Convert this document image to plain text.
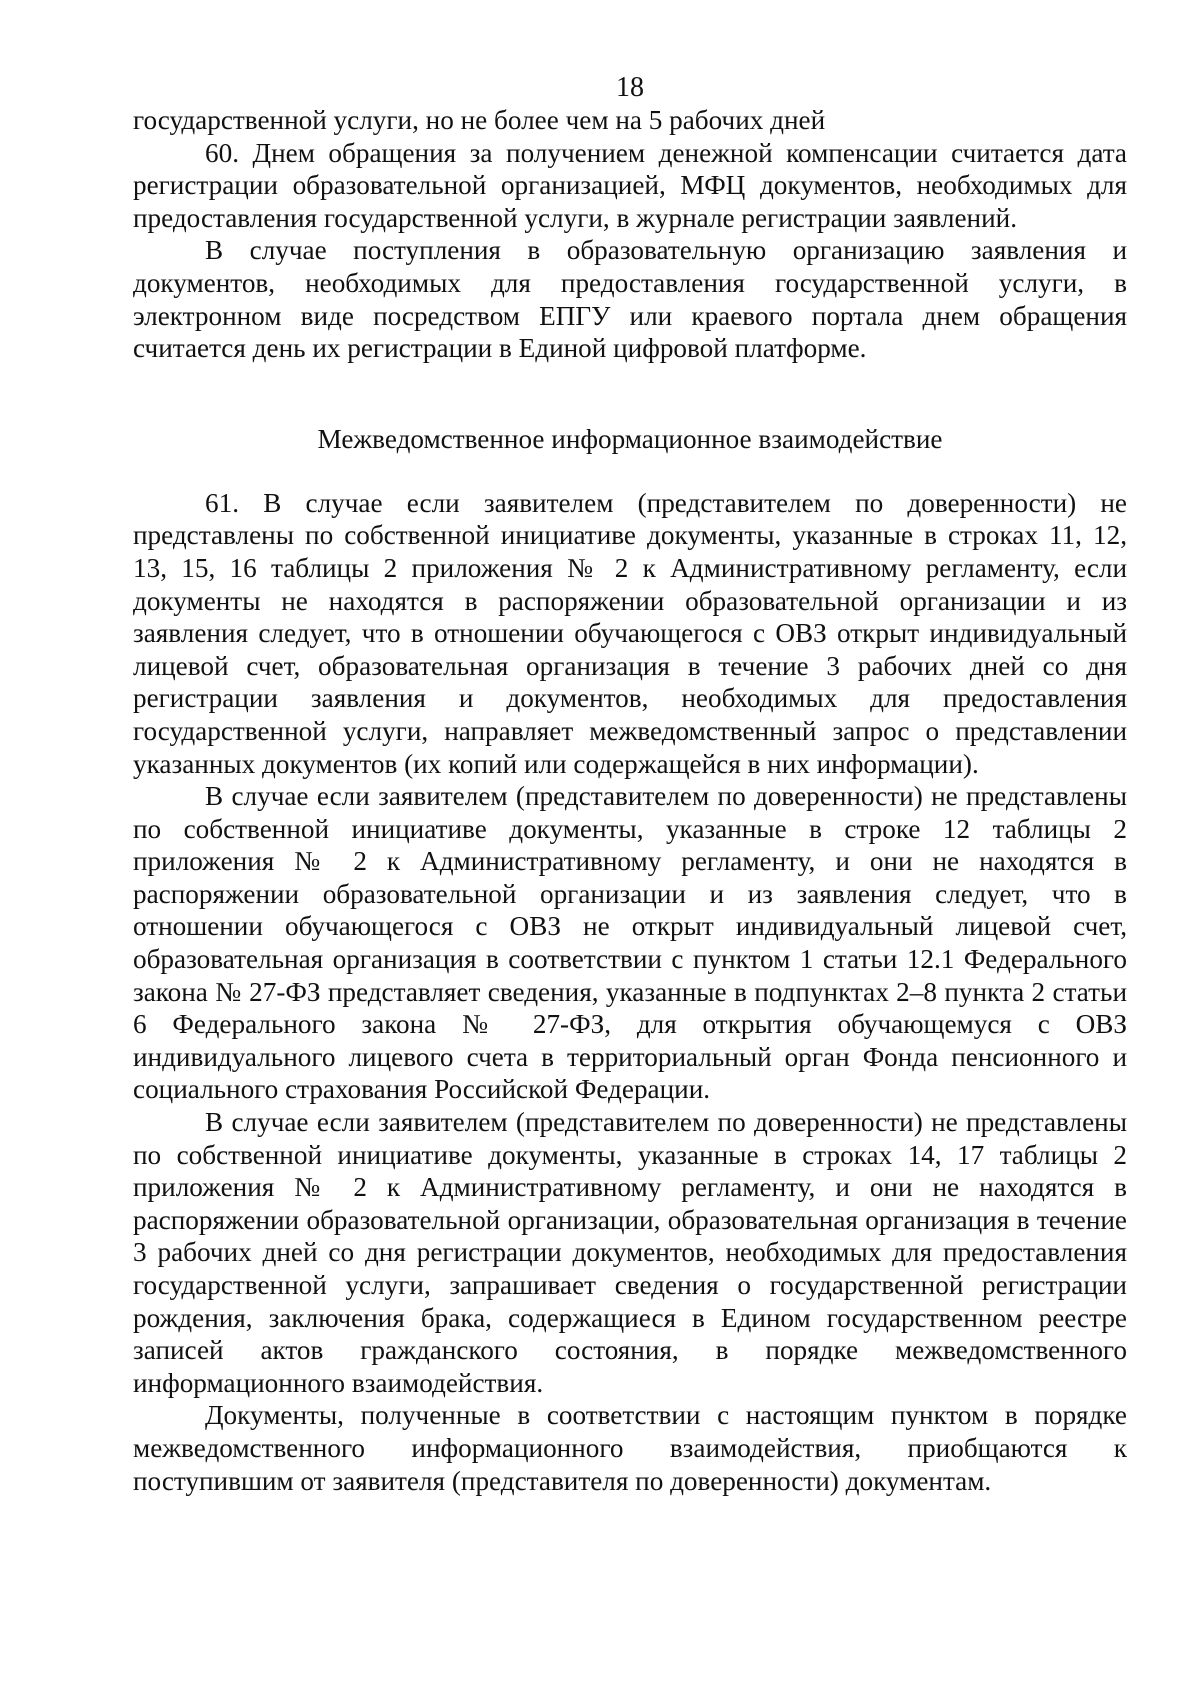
18

государственной услуги, но не более чем на 5 рабочих дней

60. Днем обращения за получением денежной компенсации считается дата регистрации образовательной организацией, МФЦ документов, необходимых для предоставления государственной услуги, в журнале регистрации заявлений.

В случае поступления в образовательную организацию заявления и документов, необходимых для предоставления государственной услуги, в электронном виде посредством ЕПГУ или краевого портала днем обращения считается день их регистрации в Единой цифровой платформе.

Межведомственное информационное взаимодействие

61. В случае если заявителем (представителем по доверенности) не представлены по собственной инициативе документы, указанные в строках 11, 12, 13, 15, 16 таблицы 2 приложения № 2 к Административному регламенту, если документы не находятся в распоряжении образовательной организации и из заявления следует, что в отношении обучающегося с ОВЗ открыт индивидуальный лицевой счет, образовательная организация в течение 3 рабочих дней со дня регистрации заявления и документов, необходимых для предоставления государственной услуги, направляет межведомственный запрос о представлении указанных документов (их копий или содержащейся в них информации).

В случае если заявителем (представителем по доверенности) не представлены по собственной инициативе документы, указанные в строке 12 таблицы 2 приложения № 2 к Административному регламенту, и они не находятся в распоряжении образовательной организации и из заявления следует, что в отношении обучающегося с ОВЗ не открыт индивидуальный лицевой счет, образовательная организация в соответствии с пунктом 1 статьи 12.1 Федерального закона № 27-ФЗ представляет сведения, указанные в подпунктах 2–8 пункта 2 статьи 6 Федерального закона № 27-ФЗ, для открытия обучающемуся с ОВЗ индивидуального лицевого счета в территориальный орган Фонда пенсионного и социального страхования Российской Федерации.

В случае если заявителем (представителем по доверенности) не представлены по собственной инициативе документы, указанные в строках 14, 17 таблицы 2 приложения № 2 к Административному регламенту, и они не находятся в распоряжении образовательной организации, образовательная организация в течение 3 рабочих дней со дня регистрации документов, необходимых для предоставления государственной услуги, запрашивает сведения о государственной регистрации рождения, заключения брака, содержащиеся в Едином государственном реестре записей актов гражданского состояния, в порядке межведомственного информационного взаимодействия.

Документы, полученные в соответствии с настоящим пунктом в порядке межведомственного информационного взаимодействия, приобщаются к поступившим от заявителя (представителя по доверенности) документам.
